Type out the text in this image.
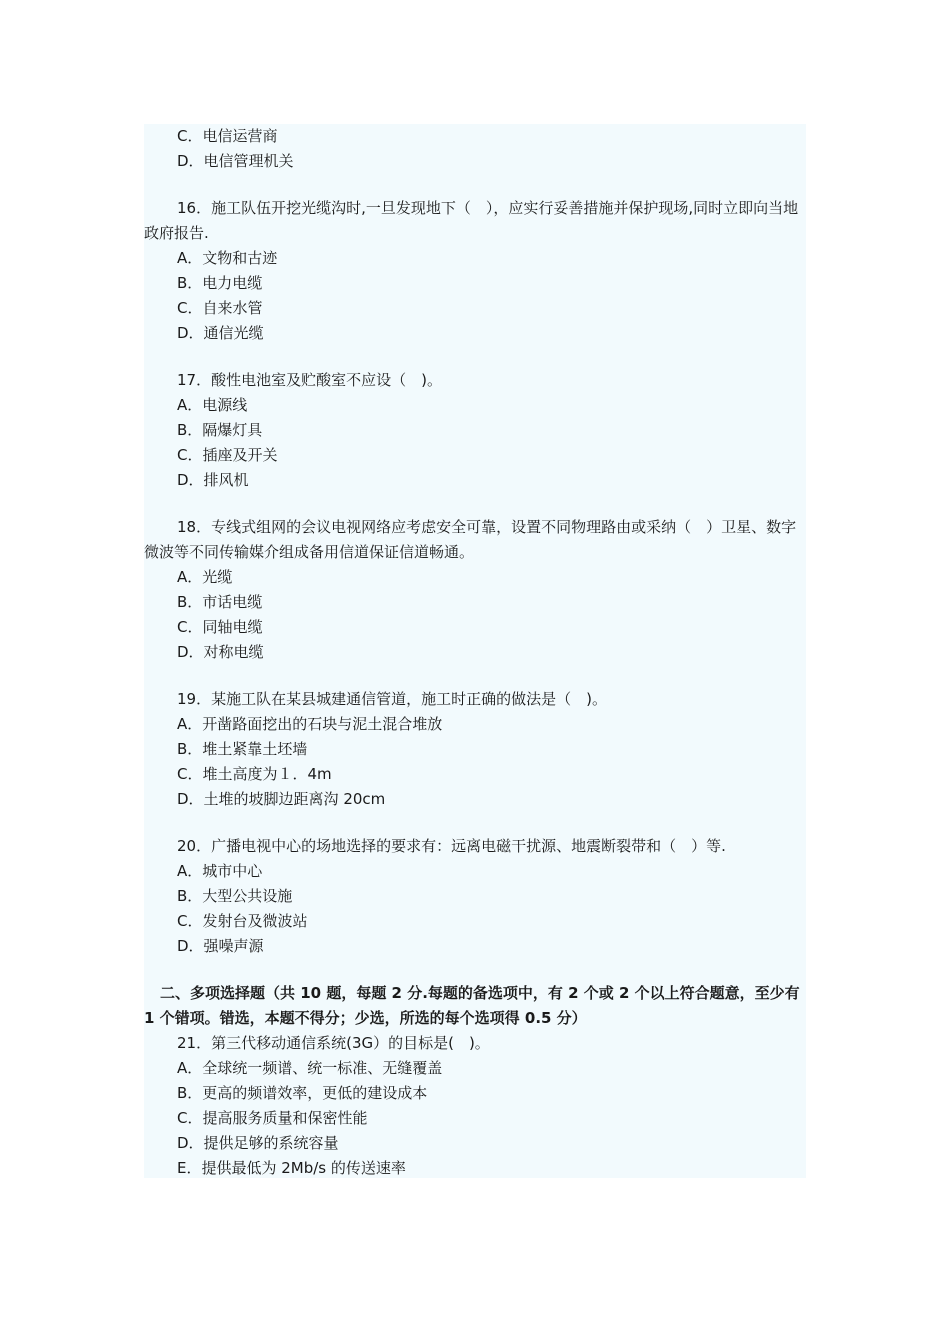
C．电信运营商
D．电信管理机关
16．施工队伍开挖光缆沟时,一旦发现地下（　），应实行妥善措施并保护现场,同时立即向当地政府报告.
A．文物和古迹
B．电力电缆
C．自来水管
D．通信光缆
17．酸性电池室及贮酸室不应设（　)。
A．电源线
B．隔爆灯具
C．插座及开关
D．排风机
18．专线式组网的会议电视网络应考虑安全可靠，设置不同物理路由或采纳（　）卫星、数字微波等不同传输媒介组成备用信道保证信道畅通。
A．光缆
B．市话电缆
C．同轴电缆
D．对称电缆
19．某施工队在某县城建通信管道，施工时正确的做法是（　)。
A．开凿路面挖出的石块与泥土混合堆放
B．堆土紧靠土坯墙
C．堆土高度为１．4m
D．土堆的坡脚边距离沟 20cm
20．广播电视中心的场地选择的要求有：远离电磁干扰源、地震断裂带和（　）等.
A．城市中心
B．大型公共设施
C．发射台及微波站
D．强噪声源
二、多项选择题（共 10 题，每题 2 分.每题的备选项中，有 2 个或 2 个以上符合题意，至少有 1 个错项。错选，本题不得分；少选，所选的每个选项得 0.5 分）
21．第三代移动通信系统(3G）的目标是(　)。
A．全球统一频谱、统一标准、无缝覆盖
B．更高的频谱效率，更低的建设成本
C．提高服务质量和保密性能
D．提供足够的系统容量
E．提供最低为 2Mb/s 的传送速率
